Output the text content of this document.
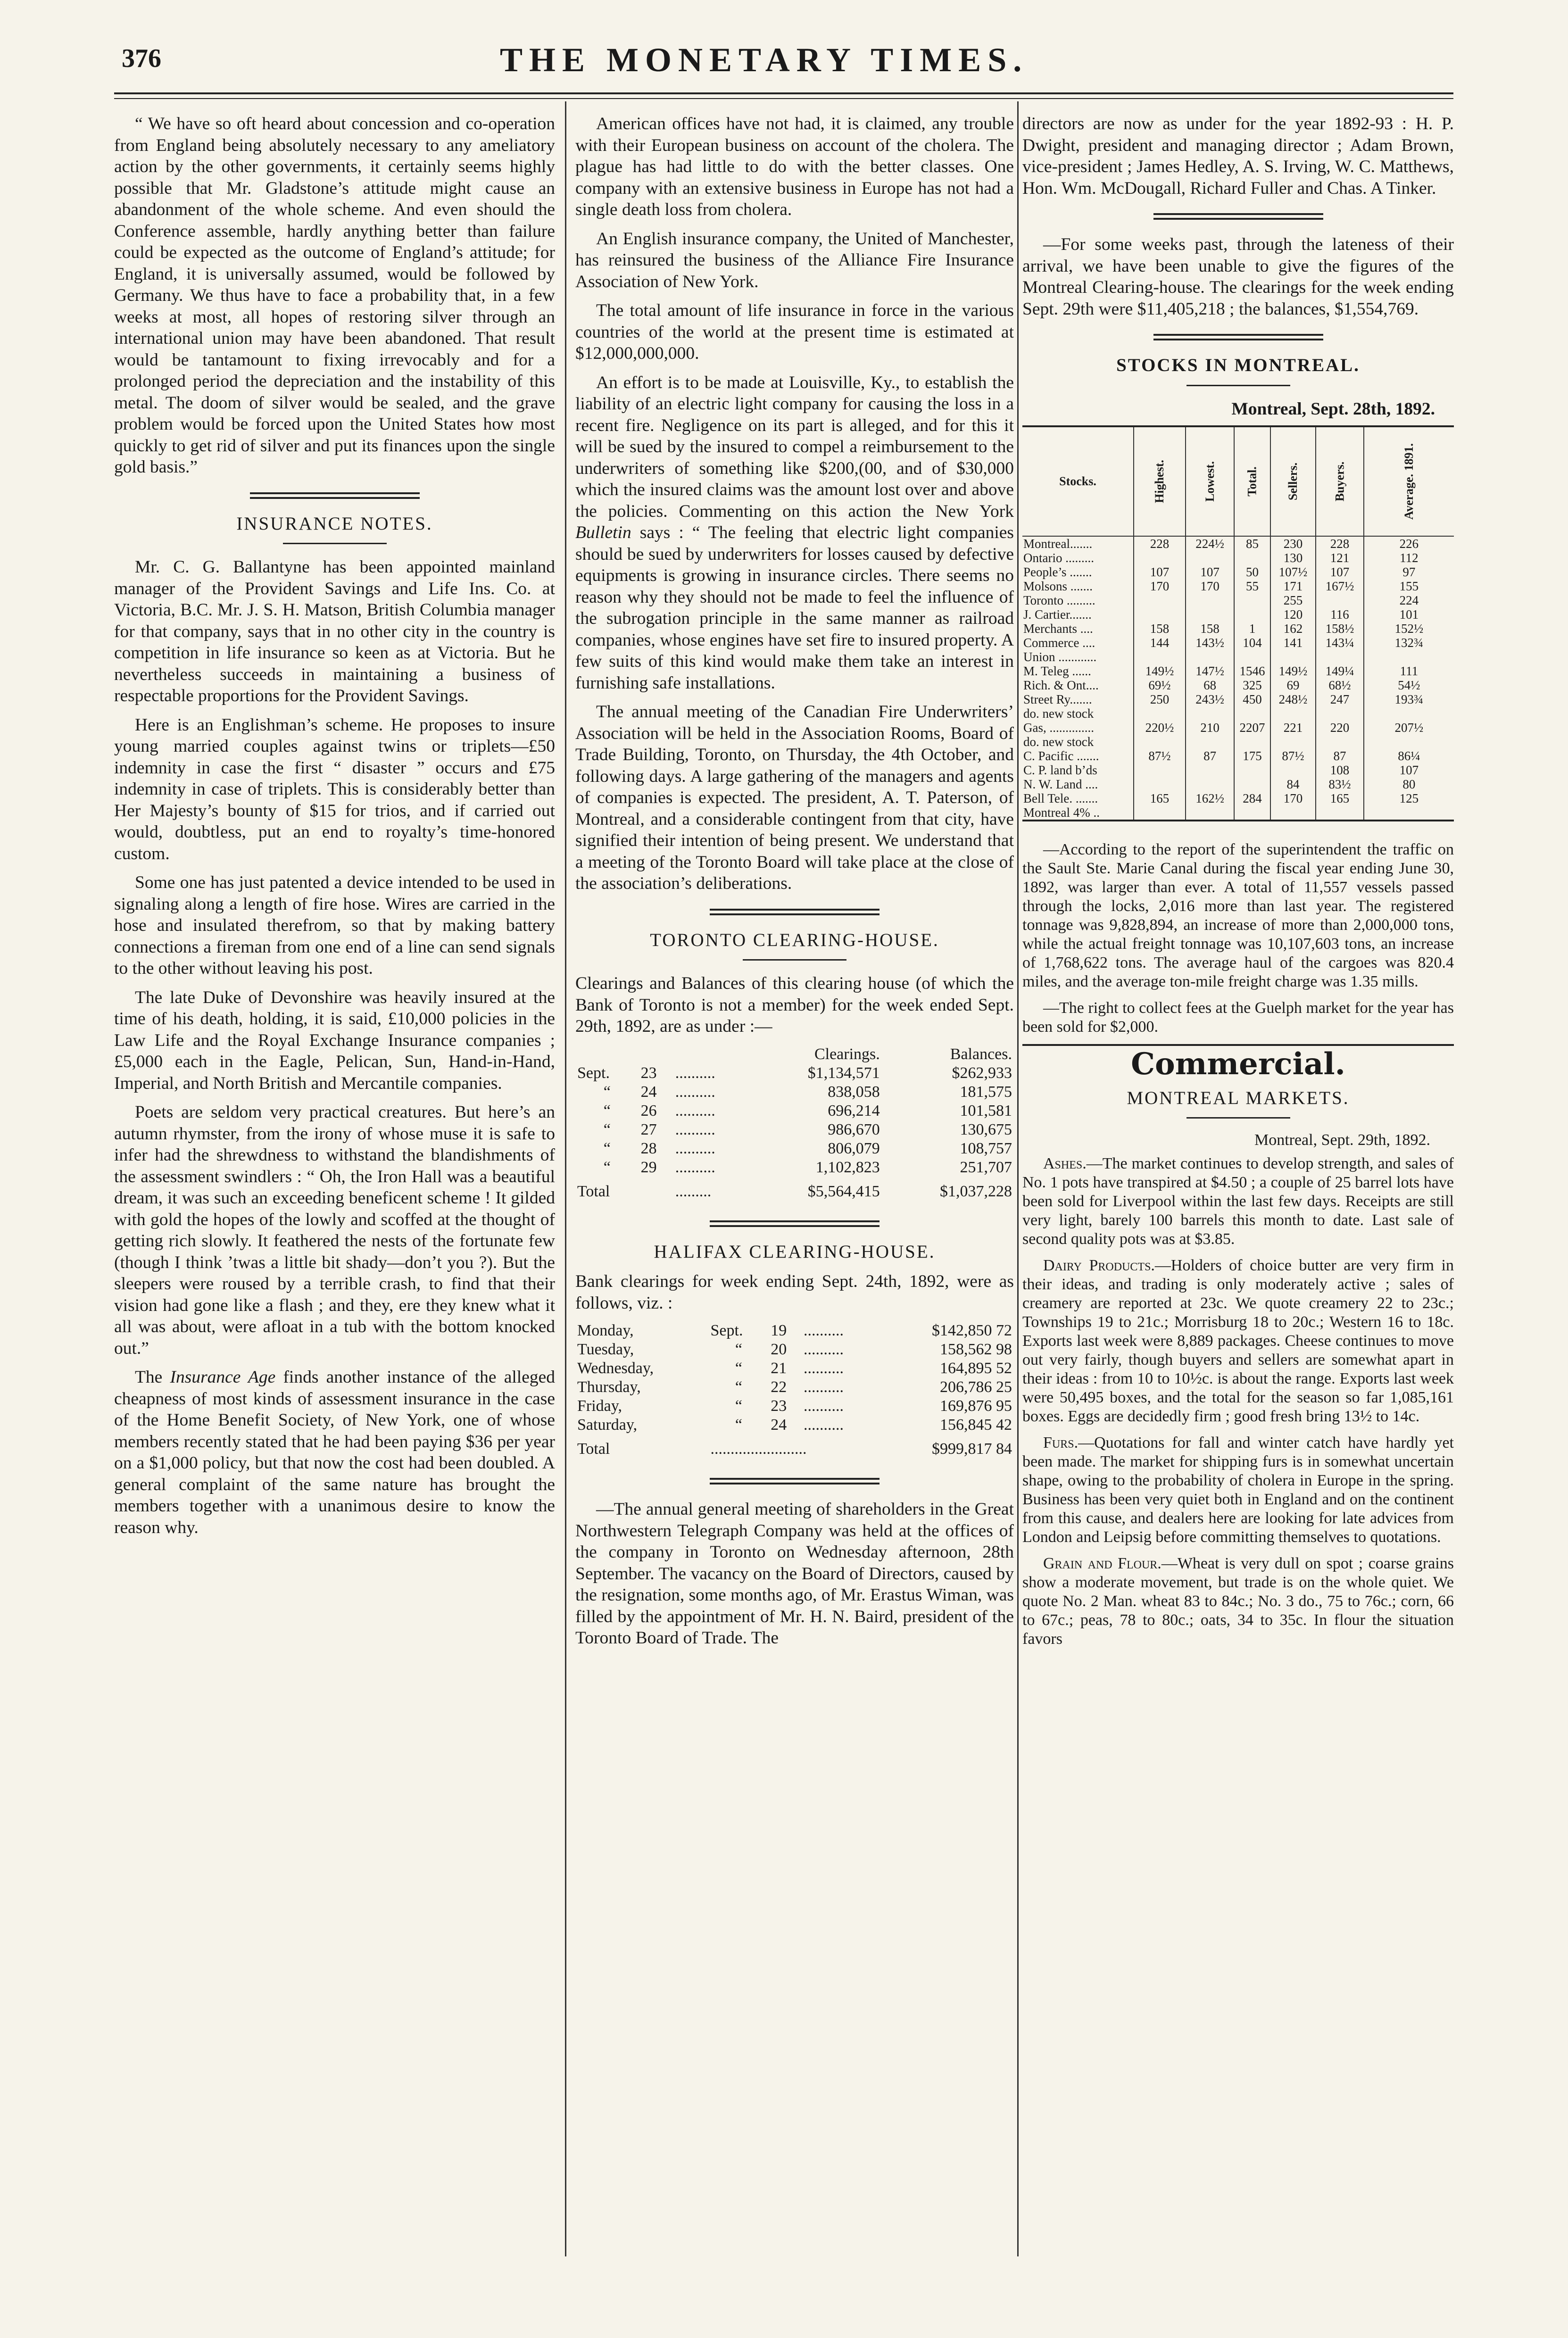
376	THE MONETARY TIMES.

“ We have so oft heard about concession and co-operation from England being absolutely necessary to any ameliatory action by the other governments, it certainly seems highly possible that Mr. Gladstone’s attitude might cause an abandonment of the whole scheme. And even should the Conference assemble, hardly anything better than failure could be expected as the outcome of England’s attitude; for England, it is universally assumed, would be followed by Germany. We thus have to face a probability that, in a few weeks at most, all hopes of restoring silver through an international union may have been abandoned. That result would be tantamount to fixing irrevocably and for a prolonged period the depreciation and the instability of this metal. The doom of silver would be sealed, and the grave problem would be forced upon the United States how most quickly to get rid of silver and put its finances upon the single gold basis.”

INSURANCE NOTES.

Mr. C. G. Ballantyne has been appointed mainland manager of the Provident Savings and Life Ins. Co. at Victoria, B.C. Mr. J. S. H. Matson, British Columbia manager for that company, says that in no other city in the country is competition in life insurance so keen as at Victoria. But he nevertheless succeeds in maintaining a business of respectable proportions for the Provident Savings.

Here is an Englishman’s scheme. He proposes to insure young married couples against twins or triplets—£50 indemnity in case the first “ disaster ” occurs and £75 indemnity in case of triplets. This is considerably better than Her Majesty’s bounty of $15 for trios, and if carried out would, doubtless, put an end to royalty’s time-honored custom.

Some one has just patented a device intended to be used in signaling along a length of fire hose. Wires are carried in the hose and insulated therefrom, so that by making battery connections a fireman from one end of a line can send signals to the other without leaving his post.

The late Duke of Devonshire was heavily insured at the time of his death, holding, it is said, £10,000 policies in the Law Life and the Royal Exchange Insurance companies ; £5,000 each in the Eagle, Pelican, Sun, Hand-in-Hand, Imperial, and North British and Mercantile companies.

Poets are seldom very practical creatures. But here’s an autumn rhymster, from the irony of whose muse it is safe to infer had the shrewdness to withstand the blandishments of the assessment swindlers : “ Oh, the Iron Hall was a beautiful dream, it was such an exceeding beneficent scheme ! It gilded with gold the hopes of the lowly and scoffed at the thought of getting rich slowly. It feathered the nests of the fortunate few (though I think ’twas a little bit shady—don’t you ?). But the sleepers were roused by a terrible crash, to find that their vision had gone like a flash ; and they, ere they knew what it all was about, were afloat in a tub with the bottom knocked out.”

The Insurance Age finds another instance of the alleged cheapness of most kinds of assessment insurance in the case of the Home Benefit Society, of New York, one of whose members recently stated that he had been paying $36 per year on a $1,000 policy, but that now the cost had been doubled. A general complaint of the same nature has brought the members together with a unanimous desire to know the reason why.

American offices have not had, it is claimed, any trouble with their European business on account of the cholera. The plague has had little to do with the better classes. One company with an extensive business in Europe has not had a single death loss from cholera.

An English insurance company, the United of Manchester, has reinsured the business of the Alliance Fire Insurance Association of New York.

The total amount of life insurance in force in the various countries of the world at the present time is estimated at $12,000,000,000.

An effort is to be made at Louisville, Ky., to establish the liability of an electric light company for causing the loss in a recent fire. Negligence on its part is alleged, and for this it will be sued by the insured to compel a reimbursement to the underwriters of something like $200,(00, and of $30,000 which the insured claims was the amount lost over and above the policies. Commenting on this action the New York Bulletin says : “ The feeling that electric light companies should be sued by underwriters for losses caused by defective equipments is growing in insurance circles. There seems no reason why they should not be made to feel the influence of the subrogation principle in the same manner as railroad companies, whose engines have set fire to insured property. A few suits of this kind would make them take an interest in furnishing safe installations.

The annual meeting of the Canadian Fire Underwriters’ Association will be held in the Association Rooms, Board of Trade Building, Toronto, on Thursday, the 4th October, and following days. A large gathering of the managers and agents of companies is expected. The president, A. T. Paterson, of Montreal, and a considerable contingent from that city, have signified their intention of being present. We understand that a meeting of the Toronto Board will take place at the close of the association’s deliberations.

TORONTO CLEARING-HOUSE.

Clearings and Balances of this clearing house (of which the Bank of Toronto is not a member) for the week ended Sept. 29th, 1892, are as under :—

			Clearings.	Balances.
Sept.	23	..........	$1,134,571	$262,933
“	24	..........	838,058	181,575
“	26	..........	696,214	101,581
“	27	..........	986,670	130,675
“	28	..........	806,079	108,757
“	29	..........	1,102,823	251,707
Total		.........	$5,564,415	$1,037,228
HALIFAX CLEARING-HOUSE.

Bank clearings for week ending Sept. 24th, 1892, were as follows, viz. :

Monday,	Sept.	19	..........	$142,850 72
Tuesday,	“	20	..........	158,562 98
Wednesday,	“	21	..........	164,895 52
Thursday,	“	22	..........	206,786 25
Friday,	“	23	..........	169,876 95
Saturday,	“	24	..........	156,845 42
Total	........................			$999,817 84

—The annual general meeting of shareholders in the Great Northwestern Telegraph Company was held at the offices of the company in Toronto on Wednesday afternoon, 28th September. The vacancy on the Board of Directors, caused by the resignation, some months ago, of Mr. Erastus Wiman, was filled by the appointment of Mr. H. N. Baird, president of the Toronto Board of Trade. The

directors are now as under for the year 1892-93 : H. P. Dwight, president and managing director ; Adam Brown, vice-president ; James Hedley, A. S. Irving, W. C. Matthews, Hon. Wm. McDougall, Richard Fuller and Chas. A Tinker.

—For some weeks past, through the lateness of their arrival, we have been unable to give the figures of the Montreal Clearing-house. The clearings for the week ending Sept. 29th were $11,405,218 ; the balances, $1,554,769.

STOCKS IN MONTREAL.
Montreal, Sept. 28th, 1892.
Stocks.	Highest.	Lowest.	Total.	Sellers.	Buyers.	Average. 1891.
Montreal.......	228	224½	85	230	228	226
Ontario .........				130	121	112
People’s .......	107	107	50	107½	107	97
Molsons .......	170	170	55	171	167½	155
Toronto .........				255		224
J. Cartier.......				120	116	101
Merchants ....	158	158	1	162	158½	152½
Commerce ....	144	143½	104	141	143¼	132¾
Union ............						
M. Teleg ......	149½	147½	1546	149½	149¼	111
Rich. & Ont....	69½	68	325	69	68½	54½
Street Ry.......	250	243½	450	248½	247	193¾
do. new stock						
Gas, ..............	220½	210	2207	221	220	207½
do. new stock						
C. Pacific .......	87½	87	175	87½	87	86¼
C. P. land b’ds					108	107
N. W. Land ....				84	83½	80
Bell Tele. .......	165	162½	284	170	165	125
Montreal 4% ..						

—According to the report of the superintendent the traffic on the Sault Ste. Marie Canal during the fiscal year ending June 30, 1892, was larger than ever. A total of 11,557 vessels passed through the locks, 2,016 more than last year. The registered tonnage was 9,828,894, an increase of more than 2,000,000 tons, while the actual freight tonnage was 10,107,603 tons, an increase of 1,768,622 tons. The average haul of the cargoes was 820.4 miles, and the average ton-mile freight charge was 1.35 mills.

—The right to collect fees at the Guelph market for the year has been sold for $2,000.

Commercial.
MONTREAL MARKETS.
Montreal, Sept. 29th, 1892.

Ashes.—The market continues to develop strength, and sales of No. 1 pots have transpired at $4.50 ; a couple of 25 barrel lots have been sold for Liverpool within the last few days. Receipts are still very light, barely 100 barrels this month to date. Last sale of second quality pots was at $3.85.

Dairy Products.—Holders of choice butter are very firm in their ideas, and trading is only moderately active ; sales of creamery are reported at 23c. We quote creamery 22 to 23c.; Townships 19 to 21c.; Morrisburg 18 to 20c.; Western 16 to 18c. Exports last week were 8,889 packages. Cheese continues to move out very fairly, though buyers and sellers are somewhat apart in their ideas : from 10 to 10½c. is about the range. Exports last week were 50,495 boxes, and the total for the season so far 1,085,161 boxes. Eggs are decidedly firm ; good fresh bring 13½ to 14c.

Furs.—Quotations for fall and winter catch have hardly yet been made. The market for shipping furs is in somewhat uncertain shape, owing to the probability of cholera in Europe in the spring. Business has been very quiet both in England and on the continent from this cause, and dealers here are looking for late advices from London and Leipsig before committing themselves to quotations.

Grain and Flour.—Wheat is very dull on spot ; coarse grains show a moderate movement, but trade is on the whole quiet. We quote No. 2 Man. wheat 83 to 84c.; No. 3 do., 75 to 76c.; corn, 66 to 67c.; peas, 78 to 80c.; oats, 34 to 35c. In flour the situation favors
